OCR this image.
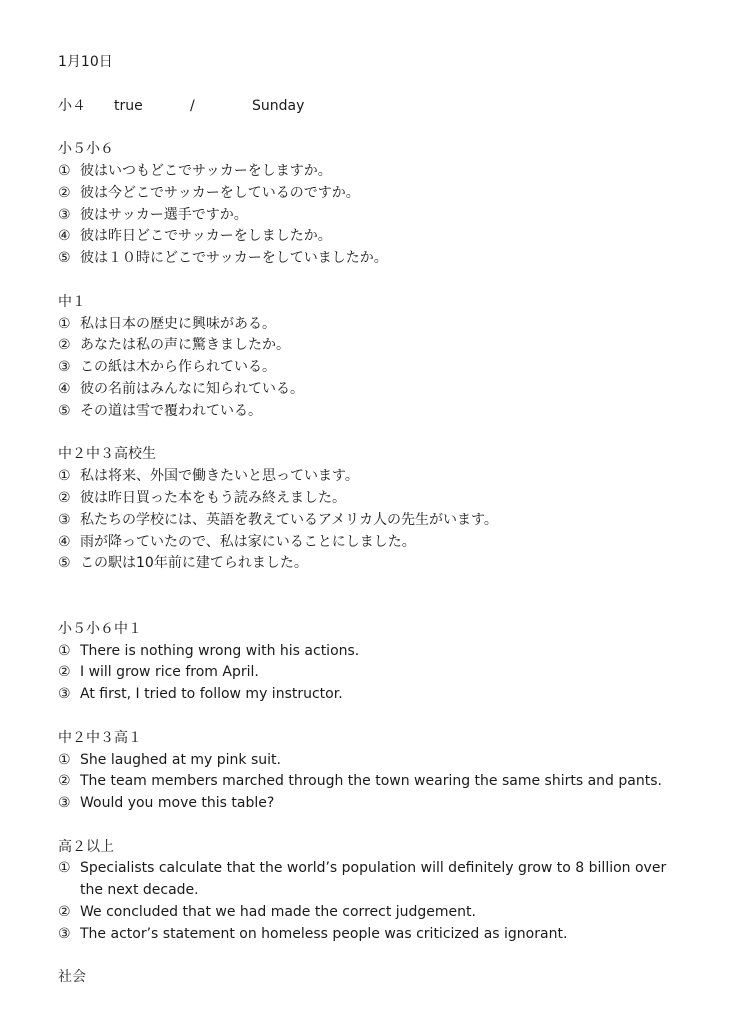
1月10日
小４ true	/	Sunday
小５小６
① 彼はいつもどこでサッカーをしますか。
② 彼は今どこでサッカーをしているのですか。
③ 彼はサッカー選手ですか。
④ 彼は昨日どこでサッカーをしましたか。
⑤ 彼は１０時にどこでサッカーをしていましたか。
中１
① 私は日本の歴史に興味がある。
② あなたは私の声に驚きましたか。
③ この紙は木から作られている。
④ 彼の名前はみんなに知られている。
⑤ その道は雪で覆われている。
中２中３高校生
① 私は将来、外国で働きたいと思っています。
② 彼は昨日買った本をもう読み終えました。
③ 私たちの学校には、英語を教えているアメリカ人の先生がいます。
④ 雨が降っていたので、私は家にいることにしました。
⑤ この駅は10年前に建てられました。
小５小６中１
① There is nothing wrong with his actions.
② I will grow rice from April.
③ At first, I tried to follow my instructor.
中２中３高１
① She laughed at my pink suit.
② The team members marched through the town wearing the same shirts and pants.
③ Would you move this table?
高２以上
① Specialists calculate that the world’s population will definitely grow to 8 billion over the next decade.
② We concluded that we had made the correct judgement.
③ The actor’s statement on homeless people was criticized as ignorant.
社会
